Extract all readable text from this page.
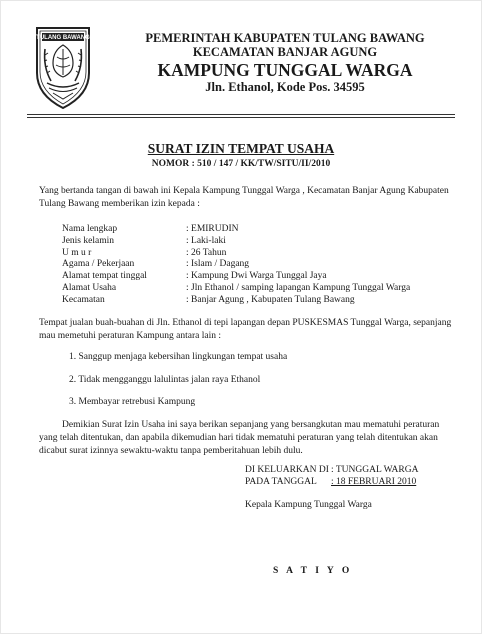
TULANG BAWANG	PEMERINTAH KABUPATEN TULANG BAWANG
KECAMATAN BANJAR AGUNG
KAMPUNG TUNGGAL WARGA
Jln. Ethanol, Kode Pos. 34595
SURAT IZIN TEMPAT USAHA
NOMOR : 510 / 147 / KK/TW/SITU/II/2010
Yang bertanda tangan di bawah ini Kepala Kampung Tunggal Warga , Kecamatan Banjar Agung Kabupaten Tulang Bawang memberikan izin kepada :
Nama lengkap	: EMIRUDIN
Jenis kelamin	: Laki-laki
U m u r	: 26 Tahun
Agama / Pekerjaan	: Islam / Dagang
Alamat tempat tinggal	: Kampung Dwi Warga Tunggal Jaya
Alamat Usaha	: Jln Ethanol / samping lapangan Kampung Tunggal Warga
Kecamatan	: Banjar Agung , Kabupaten Tulang Bawang
Tempat jualan buah-buahan di Jln. Ethanol di tepi lapangan depan PUSKESMAS Tunggal Warga, sepanjang mau memetuhi peraturan Kampung antara lain :
1. Sanggup menjaga kebersihan lingkungan tempat usaha
2. Tidak mengganggu lalulintas jalan raya Ethanol
3. Membayar retrebusi Kampung
Demikian Surat Izin Usaha ini saya berikan sepanjang yang bersangkutan mau mematuhi peraturan yang telah ditentukan, dan apabila dikemudian hari tidak mematuhi peraturan yang telah ditentukan akan dicabut surat izinnya sewaktu-waktu tanpa pemberitahuan lebih dulu.
DI KELUARKAN DI : TUNGGAL WARGA
PADA TANGGAL : 18 FEBRUARI 2010
Kepala Kampung Tunggal Warga
S A T I Y O
